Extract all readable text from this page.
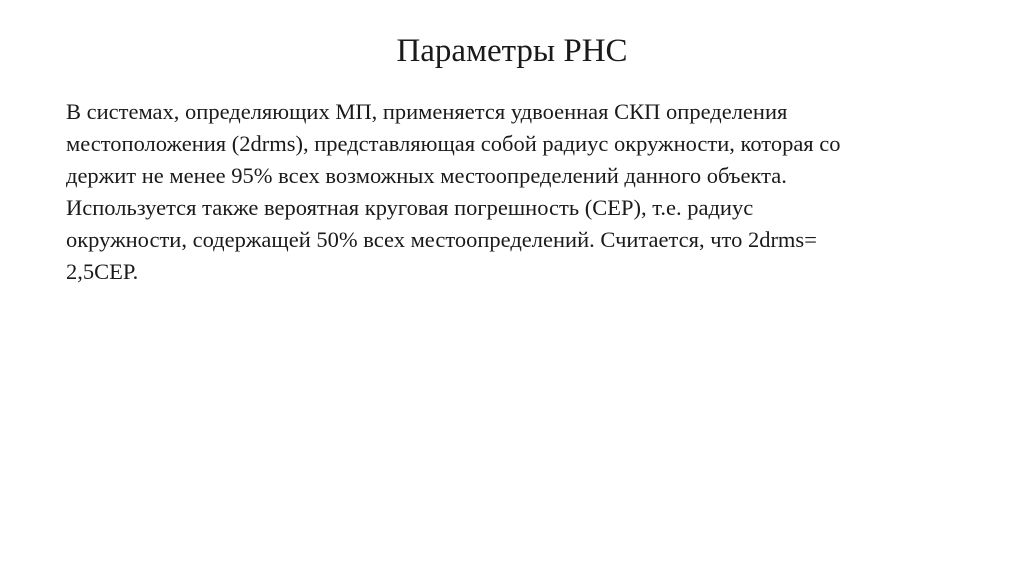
Параметры РНС
В системах, определяющих МП, применяется удвоенная СКП определения
местоположения (2drms), представляющая собой радиус окружности, которая со
держит не менее 95% всех возможных местоопределений данного объекта.
Используется также вероятная круговая погрешность (СЕР), т.е. радиус
окружности, содержащей 50% всех местоопределений. Считается, что 2drms=
2,5СЕР.
